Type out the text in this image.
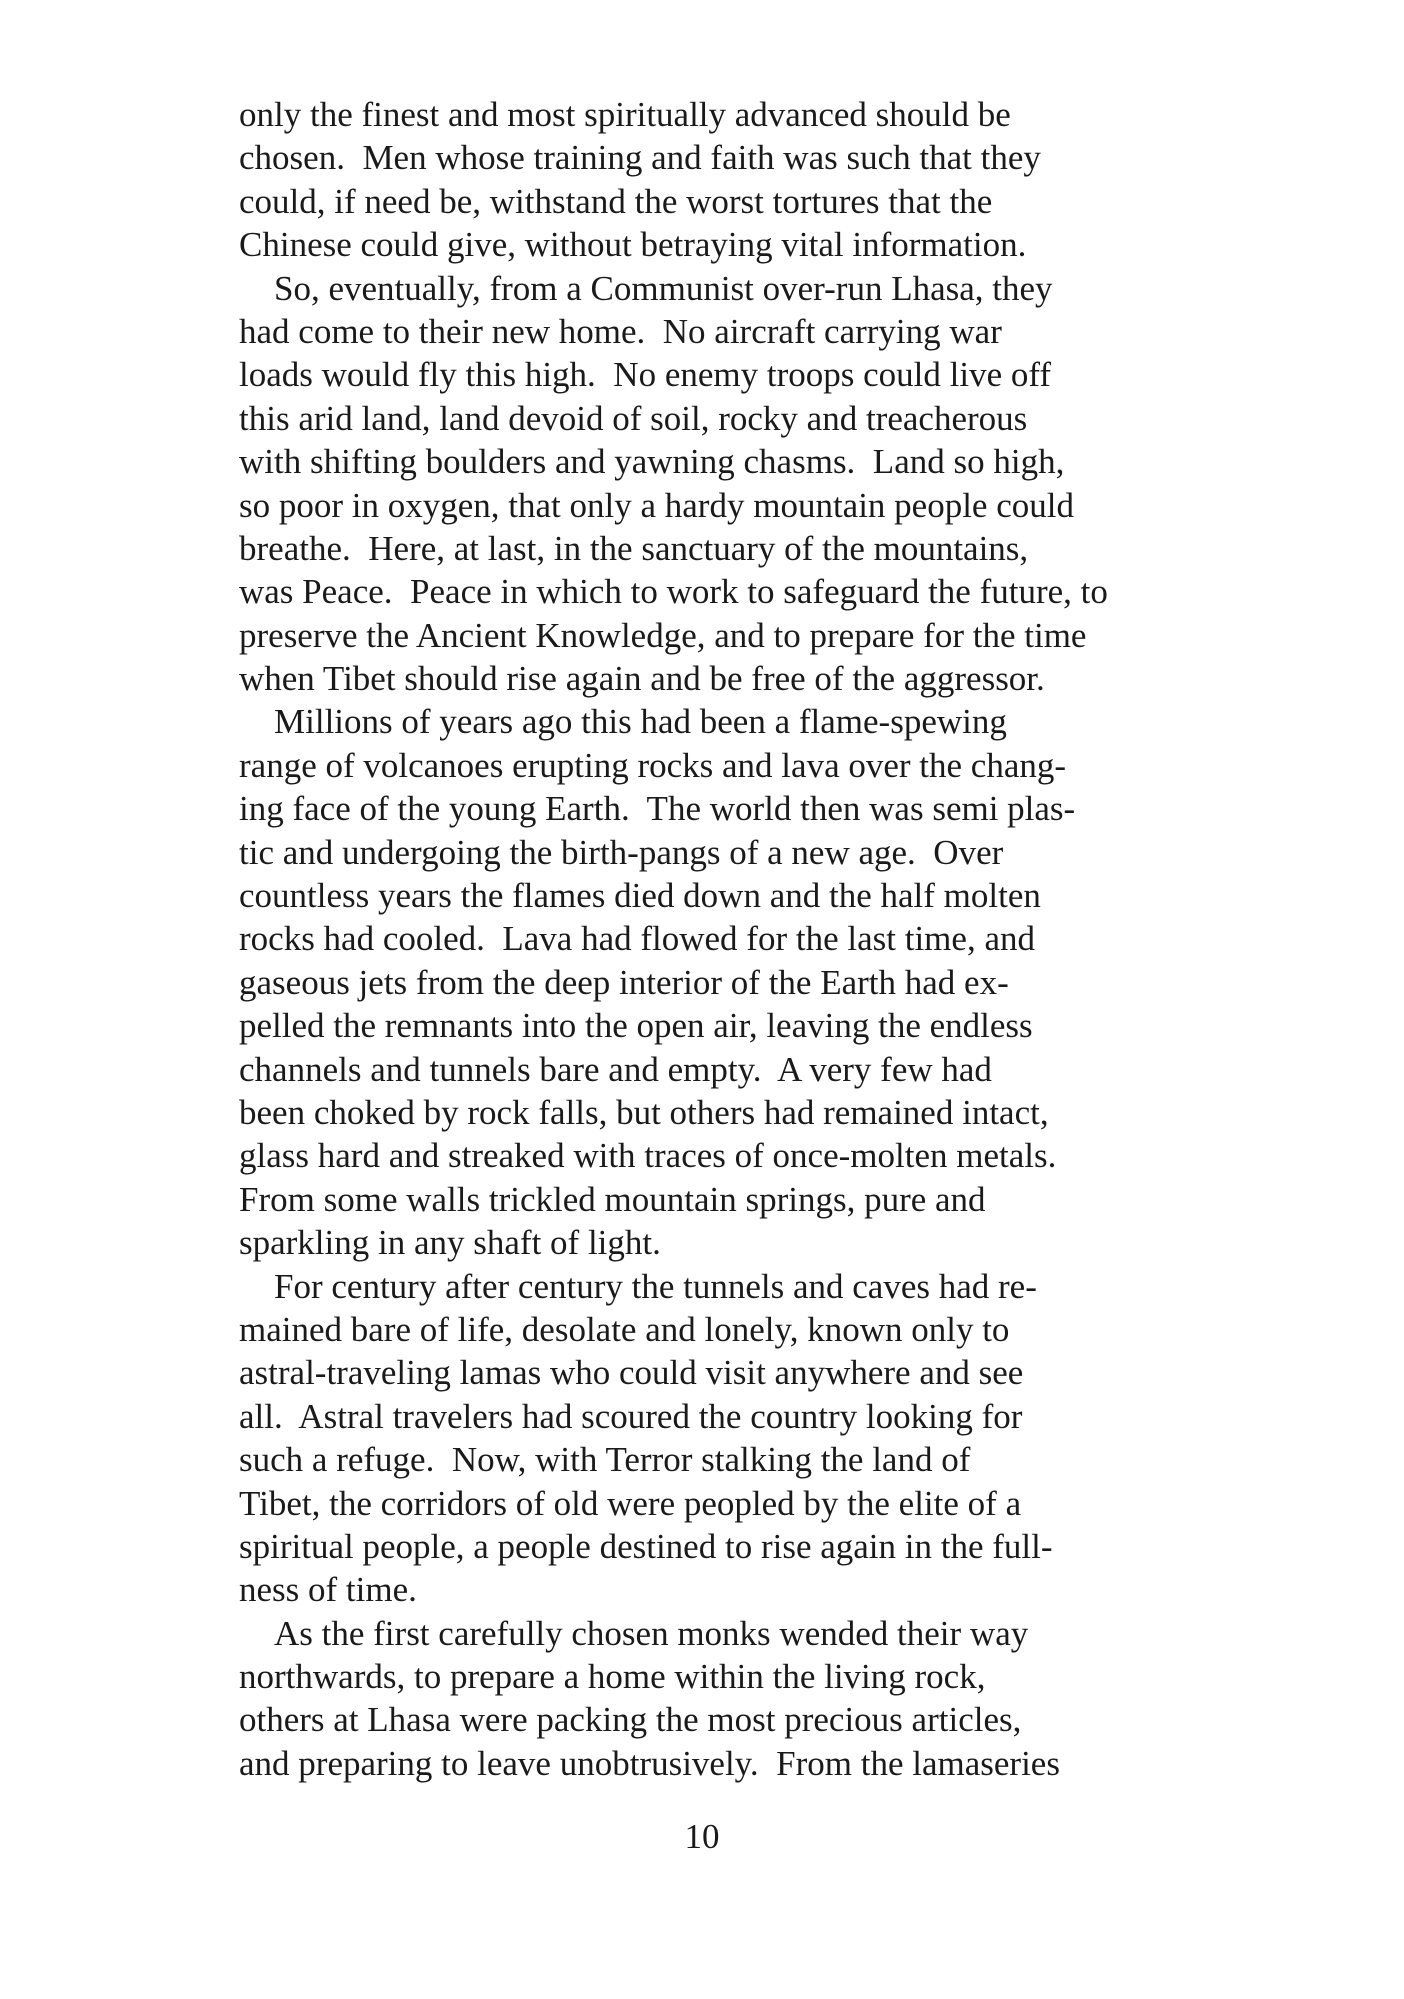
only the finest and most spiritually advanced should be
chosen.  Men whose training and faith was such that they
could, if need be, withstand the worst tortures that the
Chinese could give, without betraying vital information.
So, eventually, from a Communist over-run Lhasa, they
had come to their new home.  No aircraft carrying war
loads would fly this high.  No enemy troops could live off
this arid land, land devoid of soil, rocky and treacherous
with shifting boulders and yawning chasms.  Land so high,
so poor in oxygen, that only a hardy mountain people could
breathe.  Here, at last, in the sanctuary of the mountains,
was Peace.  Peace in which to work to safeguard the future, to
preserve the Ancient Knowledge, and to prepare for the time
when Tibet should rise again and be free of the aggressor.
Millions of years ago this had been a flame-spewing
range of volcanoes erupting rocks and lava over the chang-
ing face of the young Earth.  The world then was semi plas-
tic and undergoing the birth-pangs of a new age.  Over
countless years the flames died down and the half molten
rocks had cooled.  Lava had flowed for the last time, and
gaseous jets from the deep interior of the Earth had ex-
pelled the remnants into the open air, leaving the endless
channels and tunnels bare and empty.  A very few had
been choked by rock falls, but others had remained intact,
glass hard and streaked with traces of once-molten metals.
From some walls trickled mountain springs, pure and
sparkling in any shaft of light.
For century after century the tunnels and caves had re-
mained bare of life, desolate and lonely, known only to
astral-traveling lamas who could visit anywhere and see
all.  Astral travelers had scoured the country looking for
such a refuge.  Now, with Terror stalking the land of
Tibet, the corridors of old were peopled by the elite of a
spiritual people, a people destined to rise again in the full-
ness of time.
As the first carefully chosen monks wended their way
northwards, to prepare a home within the living rock,
others at Lhasa were packing the most precious articles,
and preparing to leave unobtrusively.  From the lamaseries
10
